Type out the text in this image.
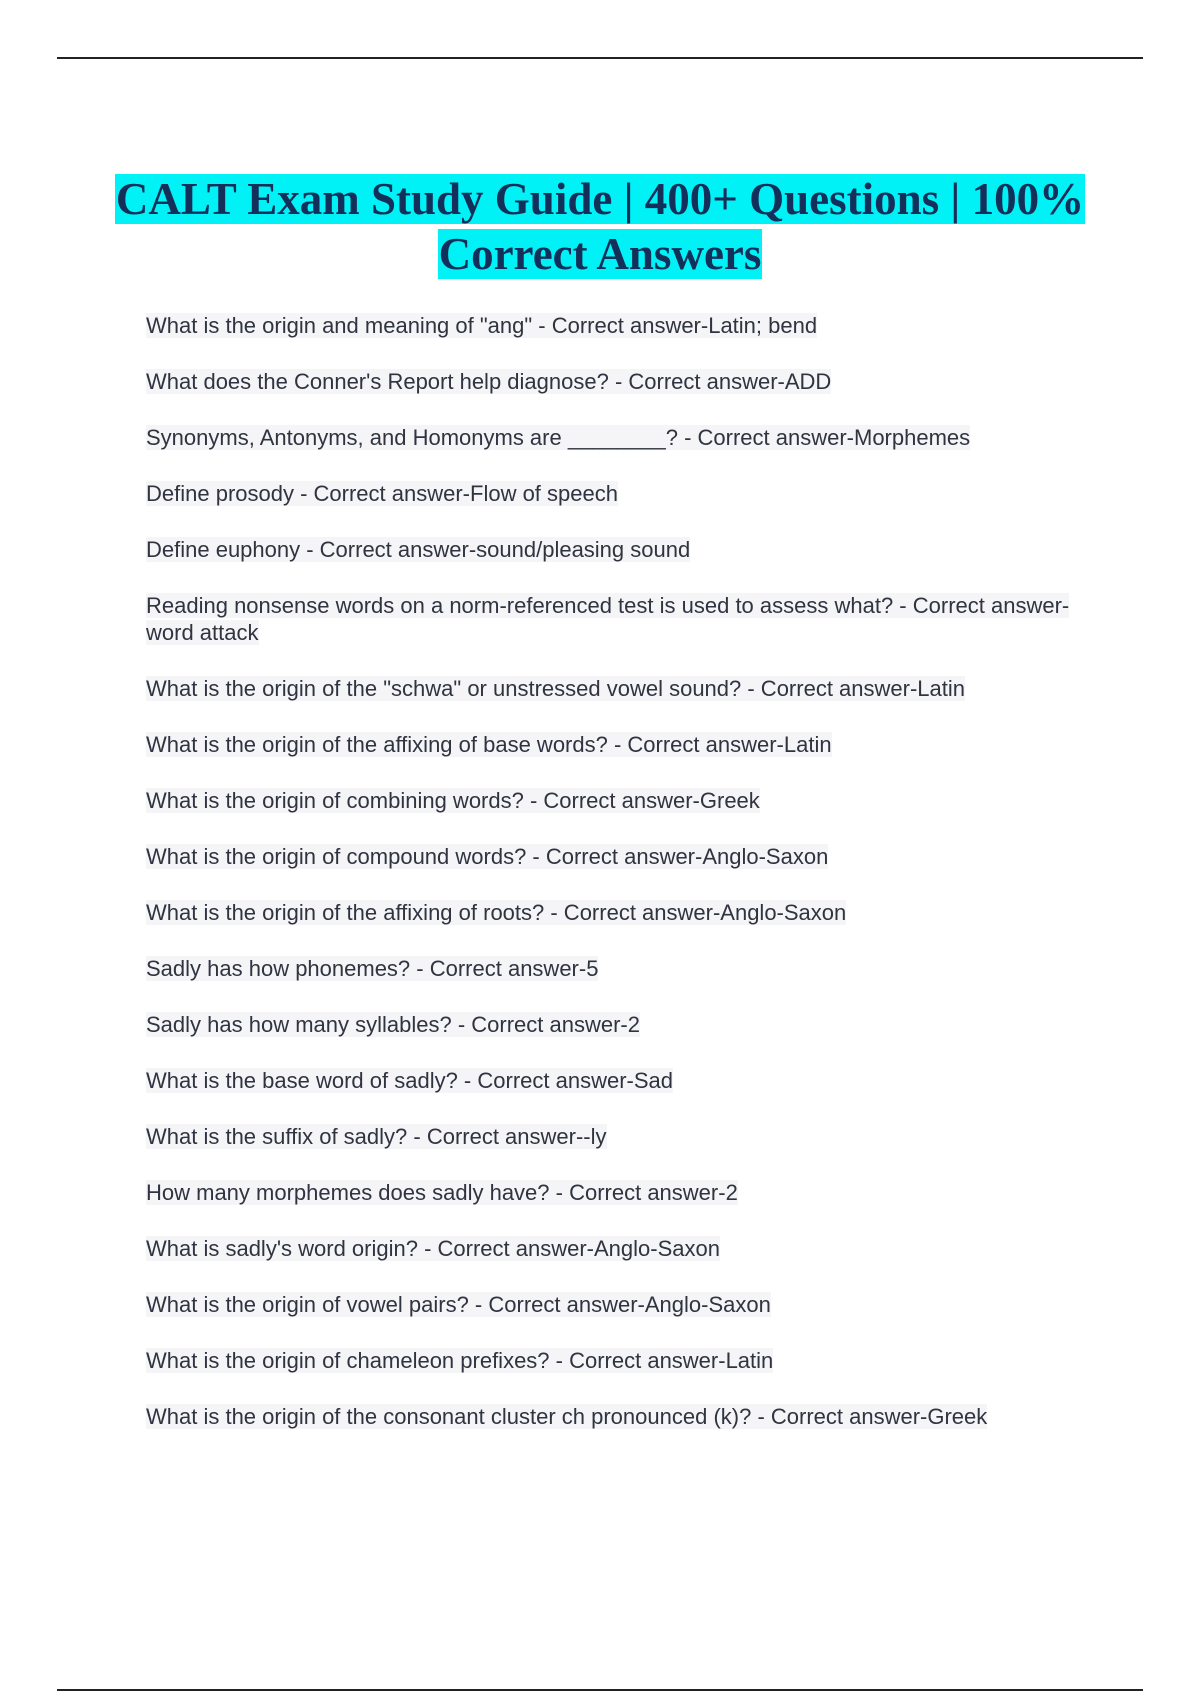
CALT Exam Study Guide | 400+ Questions | 100% Correct Answers
What is the origin and meaning of "ang" - Correct answer-Latin; bend
What does the Conner's Report help diagnose? - Correct answer-ADD
Synonyms, Antonyms, and Homonyms are ________? - Correct answer-Morphemes
Define prosody - Correct answer-Flow of speech
Define euphony - Correct answer-sound/pleasing sound
Reading nonsense words on a norm-referenced test is used to assess what? - Correct answer-word attack
What is the origin of the "schwa" or unstressed vowel sound? - Correct answer-Latin
What is the origin of the affixing of base words? - Correct answer-Latin
What is the origin of combining words? - Correct answer-Greek
What is the origin of compound words? - Correct answer-Anglo-Saxon
What is the origin of the affixing of roots? - Correct answer-Anglo-Saxon
Sadly has how phonemes? - Correct answer-5
Sadly has how many syllables? - Correct answer-2
What is the base word of sadly? - Correct answer-Sad
What is the suffix of sadly? - Correct answer--ly
How many morphemes does sadly have? - Correct answer-2
What is sadly's word origin? - Correct answer-Anglo-Saxon
What is the origin of vowel pairs? - Correct answer-Anglo-Saxon
What is the origin of chameleon prefixes? - Correct answer-Latin
What is the origin of the consonant cluster ch pronounced (k)? - Correct answer-Greek
